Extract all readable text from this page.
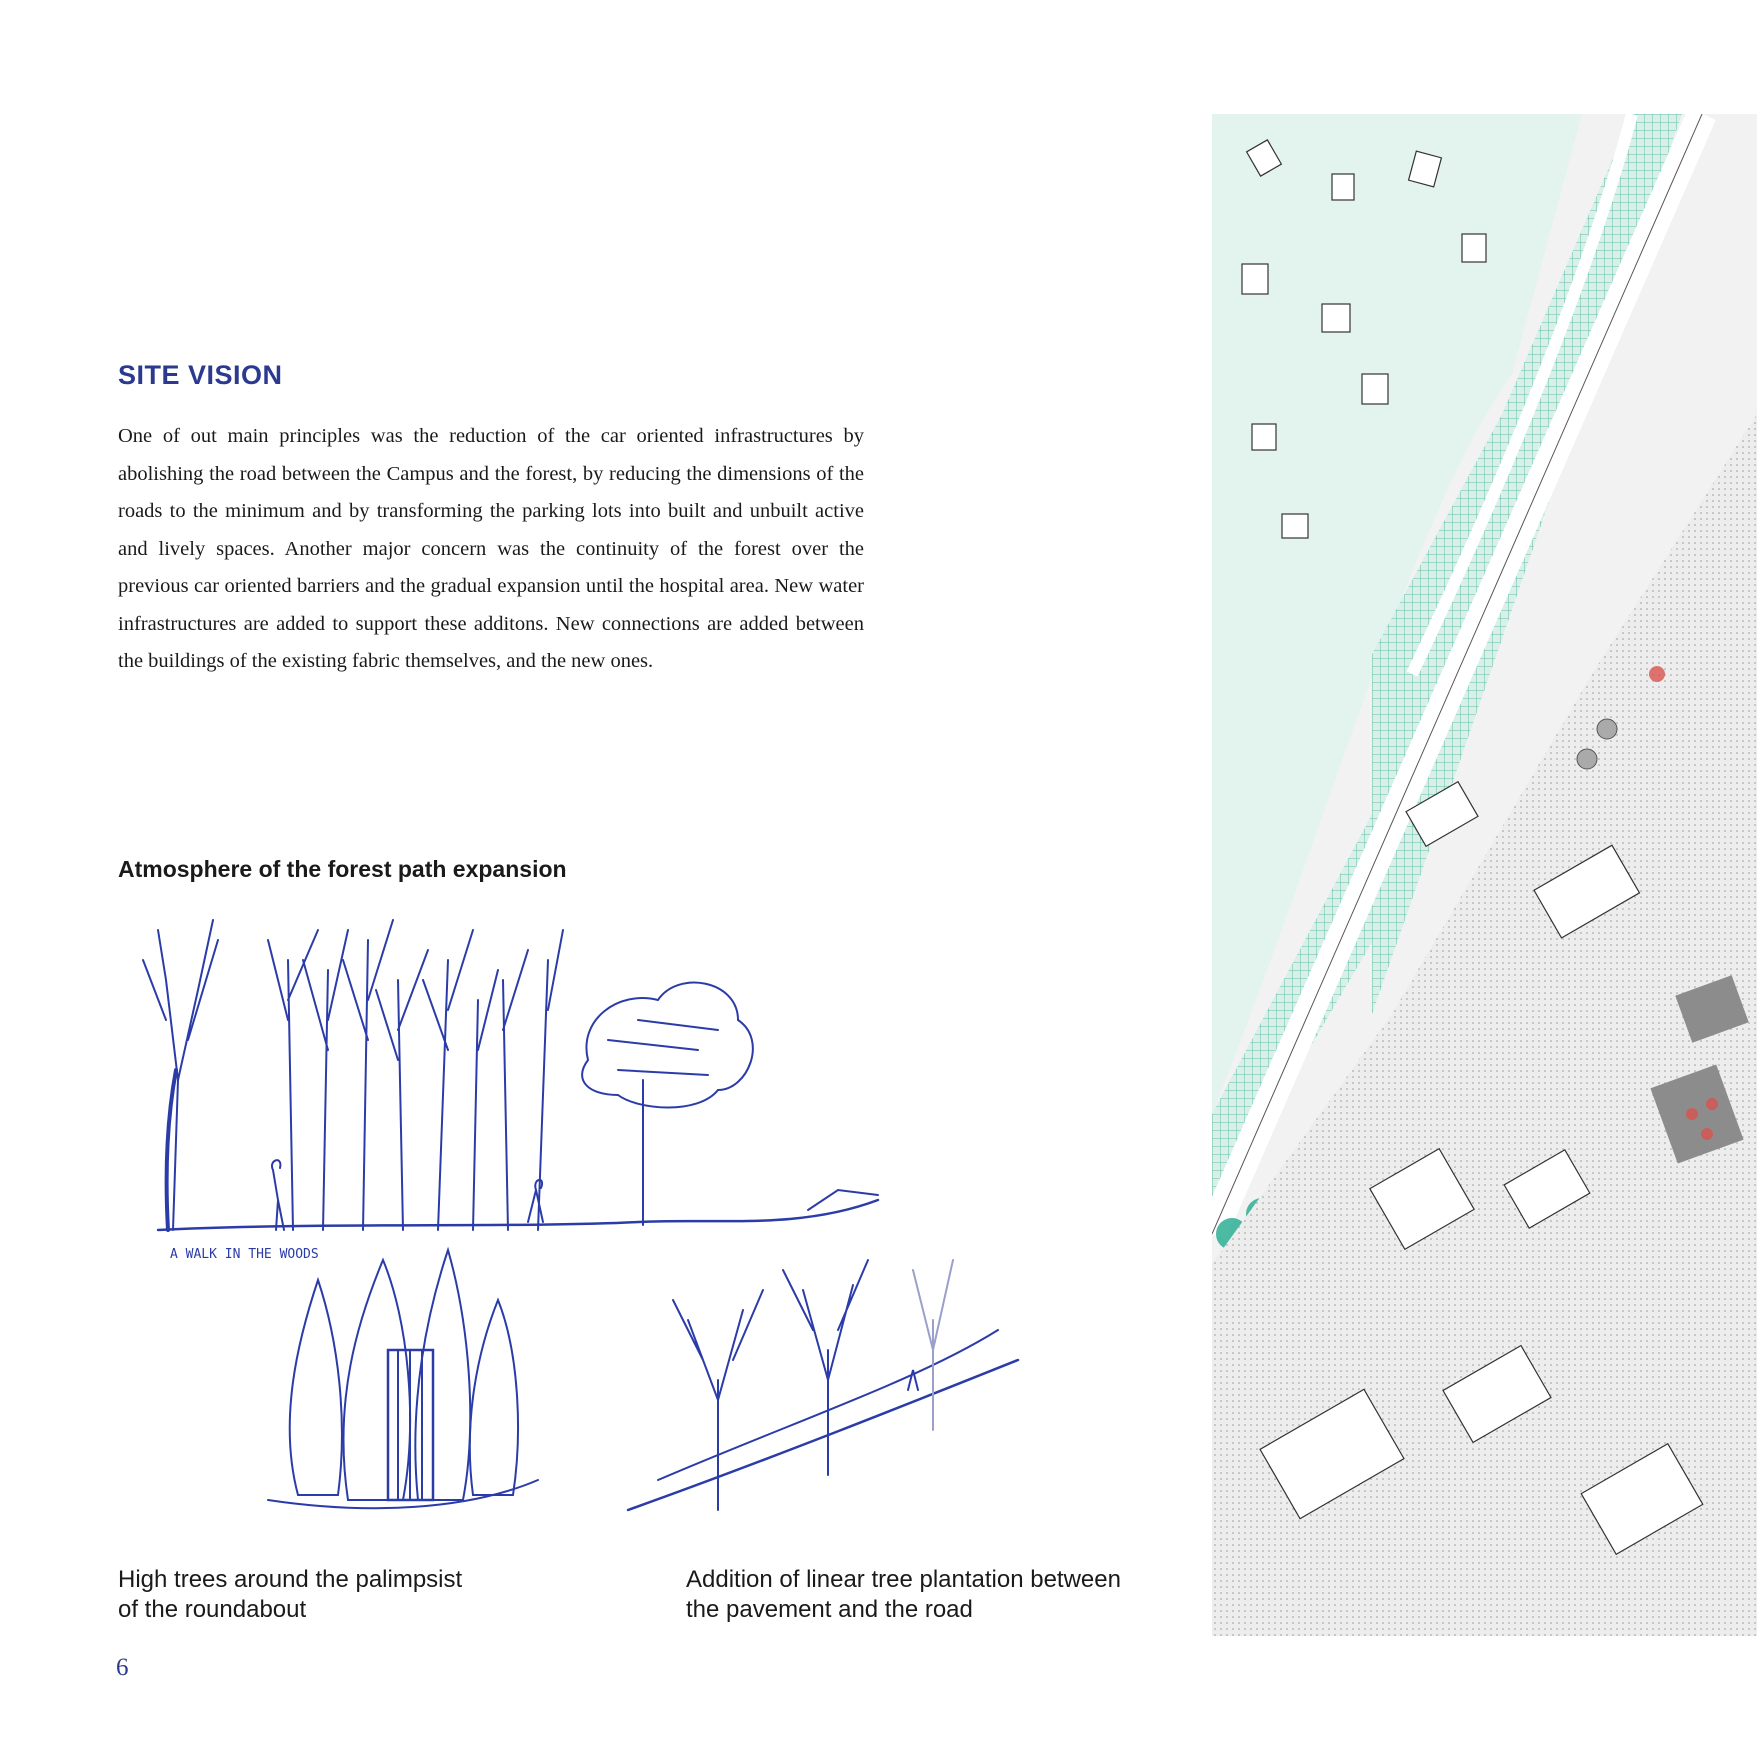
SITE VISION
One of out main principles was the reduction of the car oriented infrastructures by abolishing the road between the Campus and the forest, by reducing the dimensions of the roads to the minimum and by transforming the parking lots into built and unbuilt active and lively spaces. Another major concern was the continuity of the forest over the previous car oriented barriers and the gradual expansion until the hospital area. New water infrastructures are added to support these additons. New connections are added between the buildings of the existing fabric themselves, and the new ones.
Atmosphere of the forest path expansion
A WALK IN THE WOODS
High trees around the palimpsist
of the roundabout
Addition of linear tree plantation between
the pavement and the road
6
